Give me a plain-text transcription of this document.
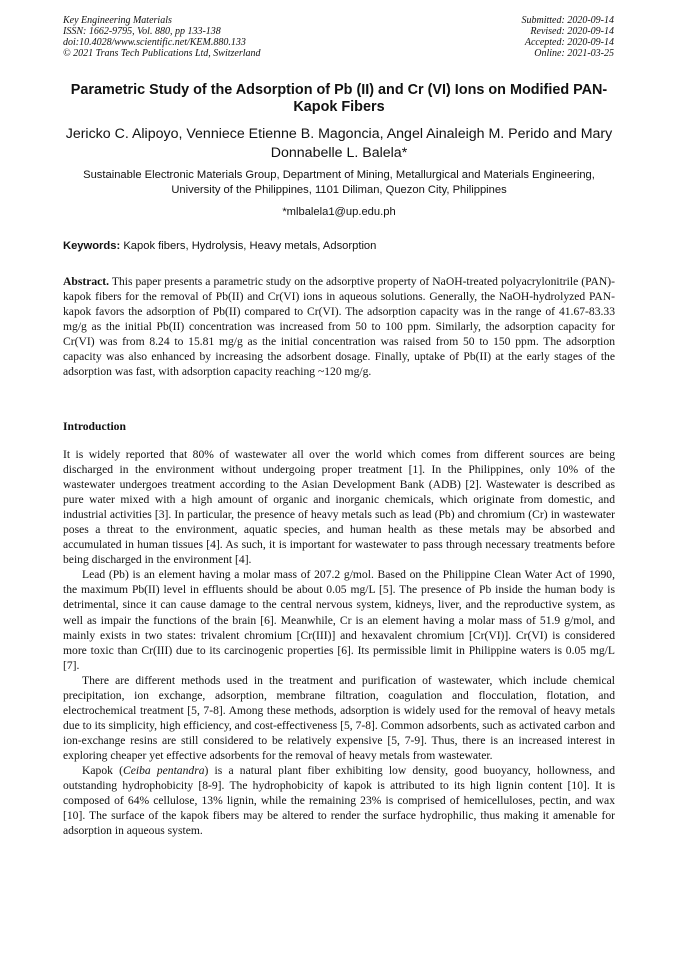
Key Engineering Materials
ISSN: 1662-9795, Vol. 880, pp 133-138
doi:10.4028/www.scientific.net/KEM.880.133
© 2021 Trans Tech Publications Ltd, Switzerland
Submitted: 2020-09-14
Revised: 2020-09-14
Accepted: 2020-09-14
Online: 2021-03-25
Parametric Study of the Adsorption of Pb (II) and Cr (VI) Ions on Modified PAN-Kapok Fibers
Jericko C. Alipoyo, Venniece Etienne B. Magoncia, Angel Ainaleigh M. Perido and Mary Donnabelle L. Balela*
Sustainable Electronic Materials Group, Department of Mining, Metallurgical and Materials Engineering, University of the Philippines, 1101 Diliman, Quezon City, Philippines
*mlbalela1@up.edu.ph
Keywords: Kapok fibers, Hydrolysis, Heavy metals, Adsorption

Abstract. This paper presents a parametric study on the adsorptive property of NaOH-treated polyacrylonitrile (PAN)-kapok fibers for the removal of Pb(II) and Cr(VI) ions in aqueous solutions. Generally, the NaOH-hydrolyzed PAN-kapok favors the adsorption of Pb(II) compared to Cr(VI). The adsorption capacity was in the range of 41.67-83.33 mg/g as the initial Pb(II) concentration was increased from 50 to 100 ppm. Similarly, the adsorption capacity for Cr(VI) was from 8.24 to 15.81 mg/g as the initial concentration was raised from 50 to 150 ppm. The adsorption capacity was also enhanced by increasing the adsorbent dosage. Finally, uptake of Pb(II) at the early stages of the adsorption was fast, with adsorption capacity reaching ~120 mg/g.

Introduction

It is widely reported that 80% of wastewater all over the world which comes from different sources are being discharged in the environment without undergoing proper treatment [1]. In the Philippines, only 10% of the wastewater undergoes treatment according to the Asian Development Bank (ADB) [2]. Wastewater is described as pure water mixed with a high amount of organic and inorganic chemicals, which originate from domestic, and industrial activities [3]. In particular, the presence of heavy metals such as lead (Pb) and chromium (Cr) in wastewater poses a threat to the environment, aquatic species, and human health as these metals may be absorbed and accumulated in human tissues [4]. As such, it is important for wastewater to pass through necessary treatments before being discharged in the environment [4].

Lead (Pb) is an element having a molar mass of 207.2 g/mol. Based on the Philippine Clean Water Act of 1990, the maximum Pb(II) level in effluents should be about 0.05 mg/L [5]. The presence of Pb inside the human body is detrimental, since it can cause damage to the central nervous system, kidneys, liver, and the reproductive system, as well as impair the functions of the brain [6]. Meanwhile, Cr is an element having a molar mass of 51.9 g/mol, and mainly exists in two states: trivalent chromium [Cr(III)] and hexavalent chromium [Cr(VI)]. Cr(VI) is considered more toxic than Cr(III) due to its carcinogenic properties [6]. Its permissible limit in Philippine waters is 0.05 mg/L [7].

There are different methods used in the treatment and purification of wastewater, which include chemical precipitation, ion exchange, adsorption, membrane filtration, coagulation and flocculation, flotation, and electrochemical treatment [5, 7-8]. Among these methods, adsorption is widely used for the removal of heavy metals due to its simplicity, high efficiency, and cost-effectiveness [5, 7-8]. Common adsorbents, such as activated carbon and ion-exchange resins are still considered to be relatively expensive [5, 7-9]. Thus, there is an increased interest in exploring cheaper yet effective adsorbents for the removal of heavy metals from wastewater.

Kapok (Ceiba pentandra) is a natural plant fiber exhibiting low density, good buoyancy, hollowness, and outstanding hydrophobicity [8-9]. The hydrophobicity of kapok is attributed to its high lignin content [10]. It is composed of 64% cellulose, 13% lignin, while the remaining 23% is comprised of hemicelluloses, pectin, and wax [10]. The surface of the kapok fibers may be altered to render the surface hydrophilic, thus making it amenable for adsorption in aqueous system.
